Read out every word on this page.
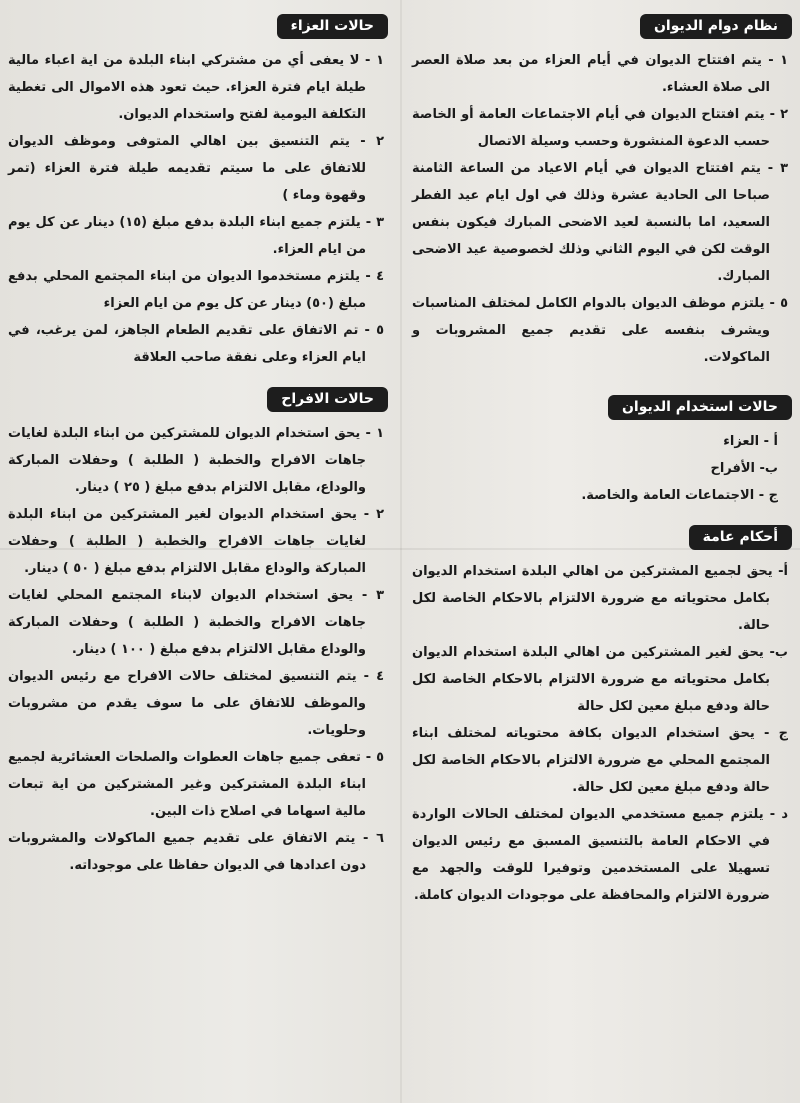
نظام دوام الديوان

١ - يتم افتتاح الديوان في أيام العزاء من بعد صلاة العصر الى صلاة العشاء.

٢ - يتم افتتاح الديوان في أيام الاجتماعات العامة أو الخاصة حسب الدعوة المنشورة وحسب وسيلة الاتصال

٣ - يتم افتتاح الديوان في أيام الاعياد من الساعة الثامنة صباحا الى الحادية عشرة وذلك في اول ايام عيد الفطر السعيد، اما بالنسبة لعيد الاضحى المبارك فيكون بنفس الوقت لكن في اليوم الثاني وذلك لخصوصية عيد الاضحى المبارك.

٥ - يلتزم موظف الديوان بالدوام الكامل لمختلف المناسبات ويشرف بنفسه على تقديم جميع المشروبات و الماكولات.

حالات استخدام الديوان

أ - العزاء

ب- الأفراح

ج - الاجتماعات العامة والخاصة.

أحكام عامة

أ- يحق لجميع المشتركين من اهالي البلدة استخدام الديوان بكامل محتوياته مع ضرورة الالتزام بالاحكام الخاصة لكل حالة.

ب- يحق لغير المشتركين من اهالي البلدة استخدام الديوان بكامل محتوياته مع ضرورة الالتزام بالاحكام الخاصة لكل حالة ودفع مبلغ معين لكل حالة

ج - يحق استخدام الديوان بكافة محتوياته لمختلف ابناء المجتمع المحلي مع ضرورة الالتزام بالاحكام الخاصة لكل حالة ودفع مبلغ معين لكل حالة.

د - يلتزم جميع مستخدمي الديوان لمختلف الحالات الواردة في الاحكام العامة بالتنسيق المسبق مع رئيس الديوان تسهيلا على المستخدمين وتوفيرا للوقت والجهد مع ضرورة الالتزام والمحافظة على موجودات الديوان كاملة.

حالات العزاء

١ - لا يعفى أي من مشتركي ابناء البلدة من اية اعباء مالية طيلة ايام فترة العزاء. حيث تعود هذه الاموال الى تغطية التكلفة اليومية لفتح واستخدام الديوان.

٢ - يتم التنسيق بين اهالي المتوفى وموظف الديوان للاتفاق على ما سيتم تقديمه طيلة فترة العزاء (تمر وقهوة وماء )

٣ - يلتزم جميع ابناء البلدة بدفع مبلغ (١٥) دينار عن كل يوم من ايام العزاء.

٤ - يلتزم مستخدموا الديوان من ابناء المجتمع المحلي بدفع مبلغ (٥٠) دينار عن كل يوم من ايام العزاء

٥ - تم الاتفاق على تقديم الطعام الجاهز، لمن يرغب، في ايام العزاء وعلى نفقة صاحب العلاقة

حالات الافراح

١ - يحق استخدام الديوان للمشتركين من ابناء البلدة لغايات جاهات الافراح والخطبة ( الطلبة ) وحفلات المباركة والوداع، مقابل الالتزام بدفع مبلغ ( ٢٥ ) دينار.

٢ - يحق استخدام الديوان لغير المشتركين من ابناء البلدة لغايات جاهات الافراح والخطبة ( الطلبة ) وحفلات المباركة والوداع مقابل الالتزام بدفع مبلغ ( ٥٠ ) دينار.

٣ - يحق استخدام الديوان لابناء المجتمع المحلي لغايات جاهات الافراح والخطبة ( الطلبة ) وحفلات المباركة والوداع مقابل الالتزام بدفع مبلغ ( ١٠٠ ) دينار.

٤ - يتم التنسيق لمختلف حالات الافراح مع رئيس الديوان والموظف للاتفاق على ما سوف يقدم من مشروبات وحلويات.

٥ - تعفى جميع جاهات العطوات والصلحات العشائرية لجميع ابناء البلدة المشتركين وغير المشتركين من اية تبعات مالية اسهاما في اصلاح ذات البين.

٦ - يتم الاتفاق على تقديم جميع الماكولات والمشروبات دون اعدادها في الديوان حفاظا على موجوداته.
